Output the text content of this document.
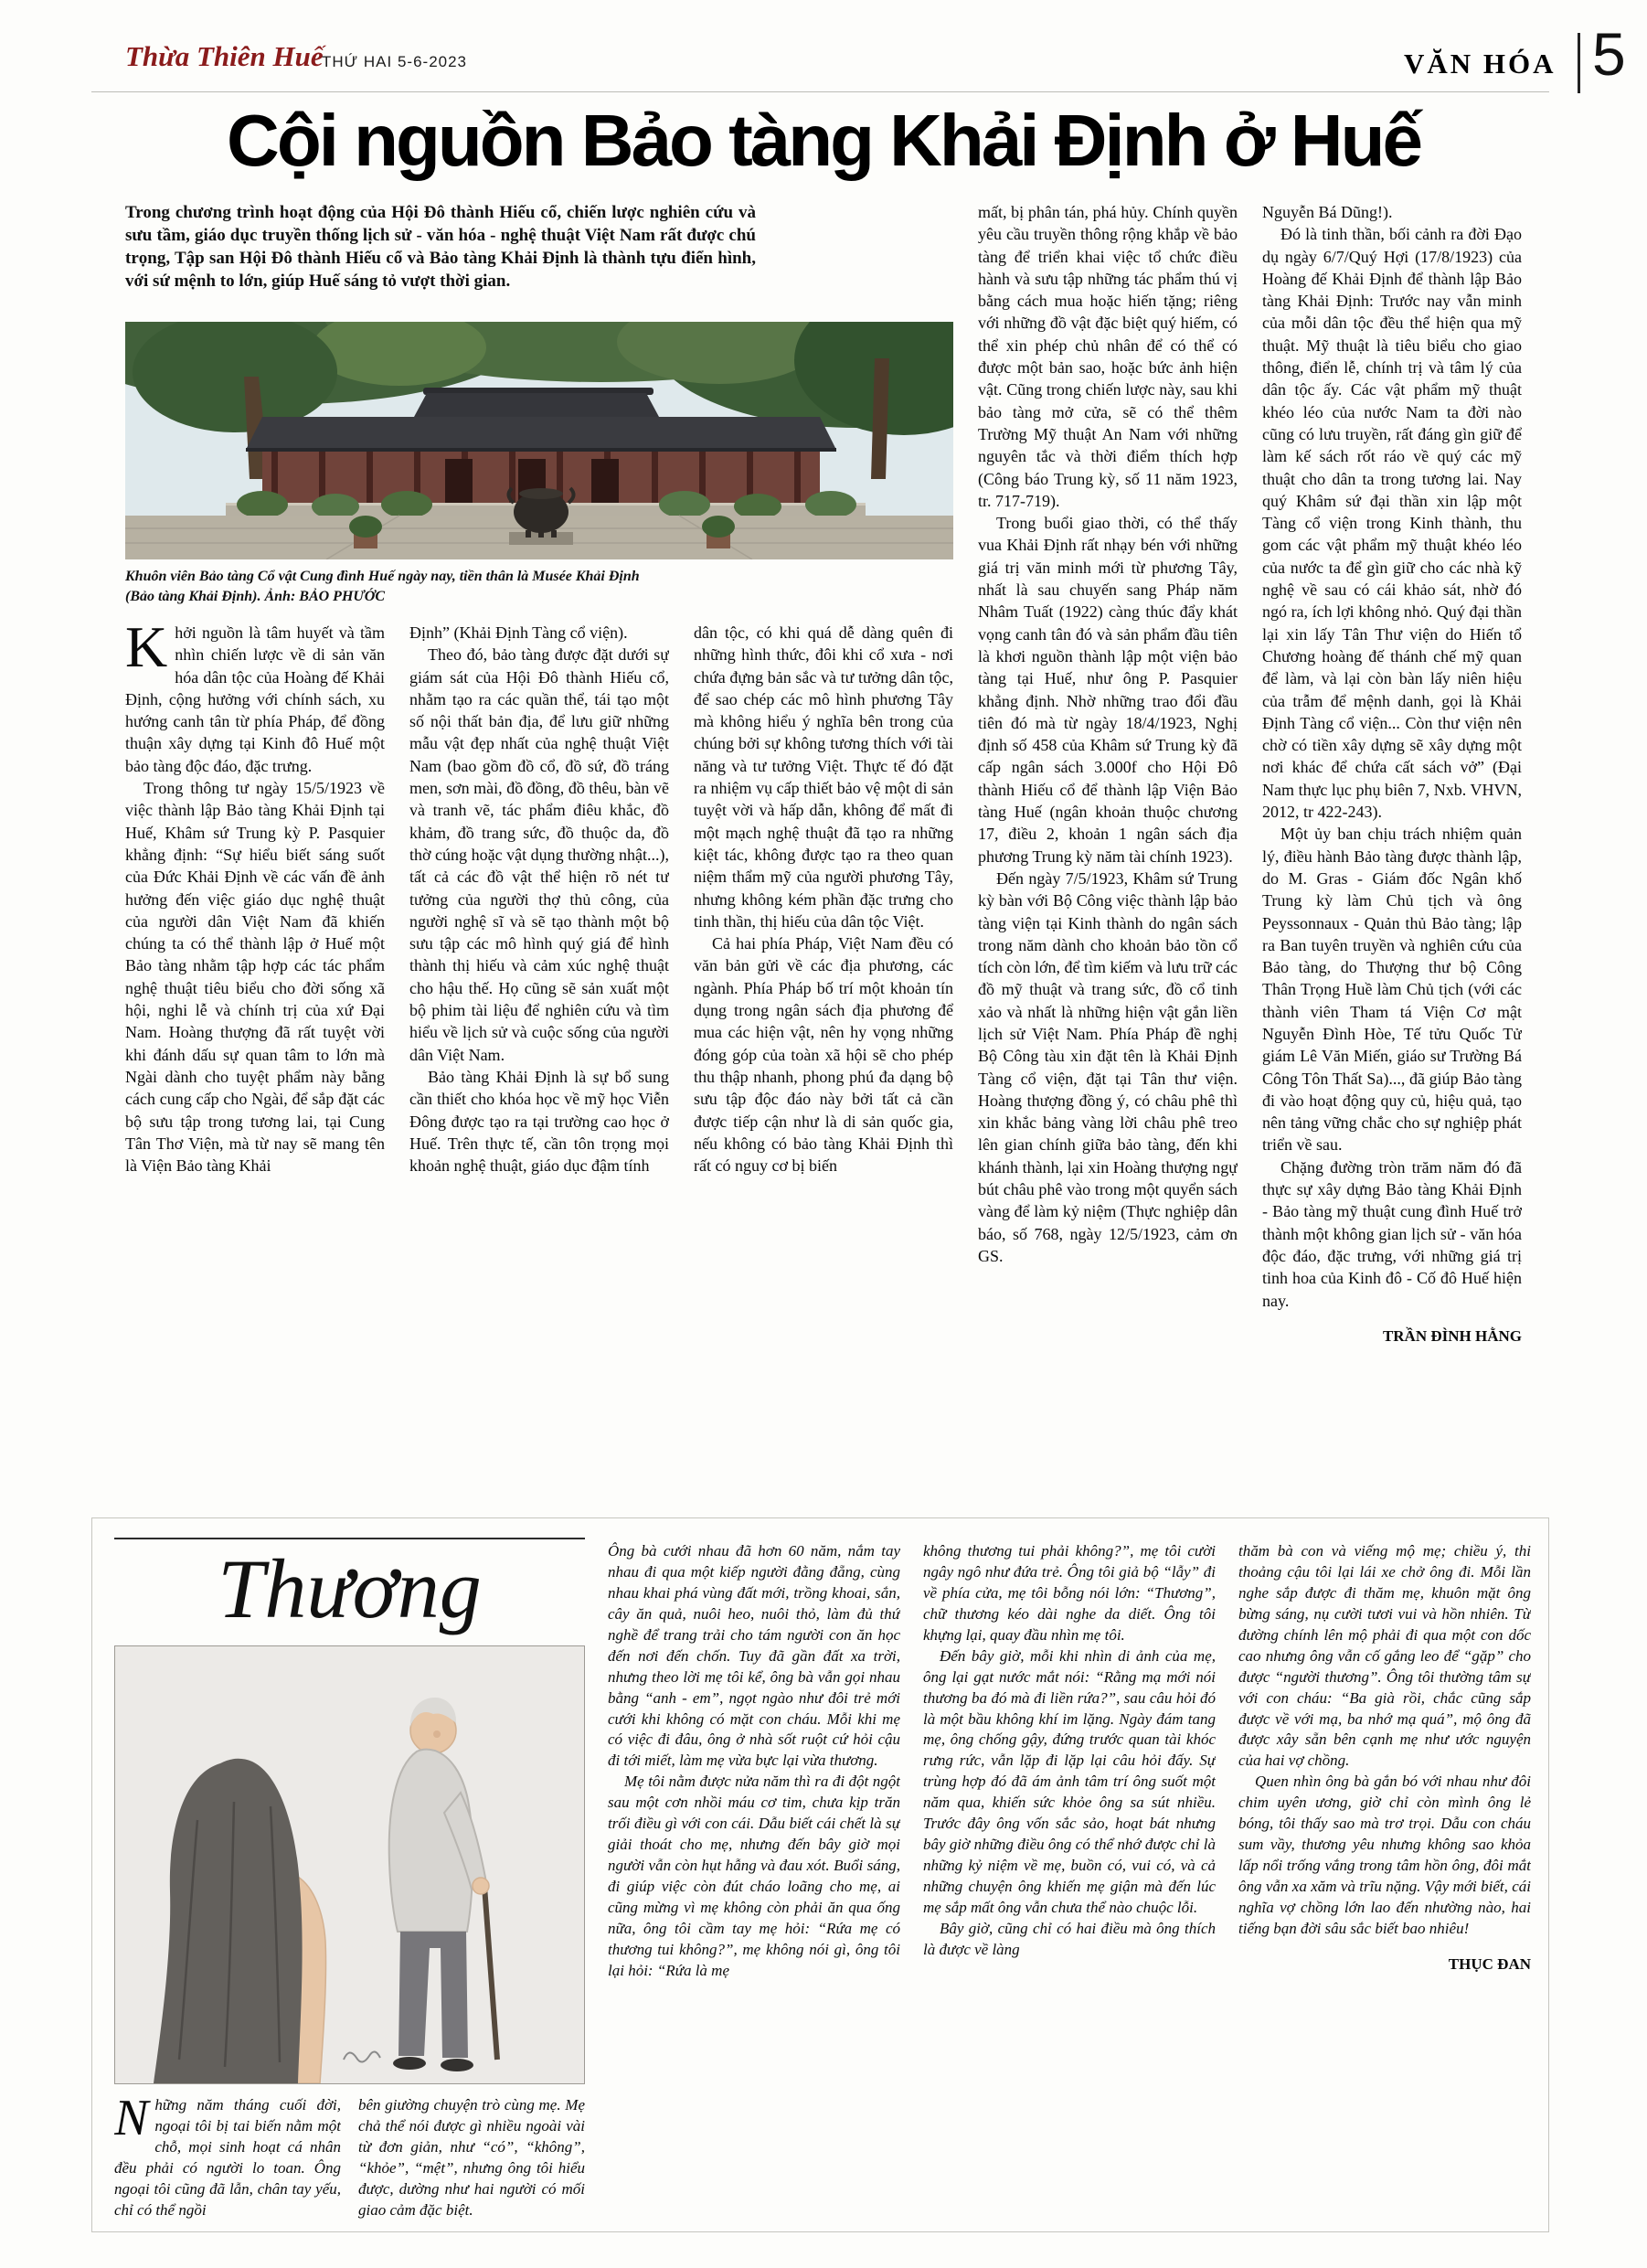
Thừa Thiên Huế
THỨ HAI 5-6-2023	VĂN HÓA 5
Cội nguồn Bảo tàng Khải Định ở Huế
Trong chương trình hoạt động của Hội Đô thành Hiếu cổ, chiến lược nghiên cứu và sưu tầm, giáo dục truyền thống lịch sử - văn hóa - nghệ thuật Việt Nam rất được chú trọng, Tập san Hội Đô thành Hiếu cổ và Bảo tàng Khải Định là thành tựu điển hình, với sứ mệnh to lớn, giúp Huế sáng tỏ vượt thời gian.
Khuôn viên Bảo tàng Cổ vật Cung đình Huế ngày nay, tiền thân là Musée Khải Định
(Bảo tàng Khải Định). Ảnh: BẢO PHƯỚC

Khởi nguồn là tâm huyết và tầm nhìn chiến lược về di sản văn hóa dân tộc của Hoàng đế Khải Định, cộng hưởng với chính sách, xu hướng canh tân từ phía Pháp, để đồng thuận xây dựng tại Kinh đô Huế một bảo tàng độc đáo, đặc trưng.

Trong thông tư ngày 15/5/1923 về việc thành lập Bảo tàng Khải Định tại Huế, Khâm sứ Trung kỳ P. Pasquier khẳng định: “Sự hiểu biết sáng suốt của Đức Khải Định về các vấn đề ảnh hưởng đến việc giáo dục nghệ thuật của người dân Việt Nam đã khiến chúng ta có thể thành lập ở Huế một Bảo tàng nhằm tập hợp các tác phẩm nghệ thuật tiêu biểu cho đời sống xã hội, nghi lễ và chính trị của xứ Đại Nam. Hoàng thượng đã rất tuyệt vời khi đánh dấu sự quan tâm to lớn mà Ngài dành cho tuyệt phẩm này bằng cách cung cấp cho Ngài, để sắp đặt các bộ sưu tập trong tương lai, tại Cung Tân Thơ Viện, mà từ nay sẽ mang tên là Viện Bảo tàng Khải

Định” (Khải Định Tàng cổ viện).

Theo đó, bảo tàng được đặt dưới sự giám sát của Hội Đô thành Hiếu cổ, nhằm tạo ra các quần thể, tái tạo một số nội thất bản địa, để lưu giữ những mẫu vật đẹp nhất của nghệ thuật Việt Nam (bao gồm đồ cổ, đồ sứ, đồ tráng men, sơn mài, đồ đồng, đồ thêu, bàn vẽ và tranh vẽ, tác phẩm điêu khắc, đồ khảm, đồ trang sức, đồ thuộc da, đồ thờ cúng hoặc vật dụng thường nhật...), tất cả các đồ vật thể hiện rõ nét tư tưởng của người thợ thủ công, của người nghệ sĩ và sẽ tạo thành một bộ sưu tập các mô hình quý giá để hình thành thị hiếu và cảm xúc nghệ thuật cho hậu thế. Họ cũng sẽ sản xuất một bộ phim tài liệu để nghiên cứu và tìm hiểu về lịch sử và cuộc sống của người dân Việt Nam.

Bảo tàng Khải Định là sự bổ sung cần thiết cho khóa học về mỹ học Viễn Đông được tạo ra tại trường cao học ở Huế. Trên thực tế, cần tôn trọng mọi khoản nghệ thuật, giáo dục đậm tính

dân tộc, có khi quá dễ dàng quên đi những hình thức, đôi khi cổ xưa - nơi chứa đựng bản sắc và tư tưởng dân tộc, để sao chép các mô hình phương Tây mà không hiểu ý nghĩa bên trong của chúng bởi sự không tương thích với tài năng và tư tưởng Việt. Thực tế đó đặt ra nhiệm vụ cấp thiết bảo vệ một di sản tuyệt vời và hấp dẫn, không để mất đi một mạch nghệ thuật đã tạo ra những kiệt tác, không được tạo ra theo quan niệm thẩm mỹ của người phương Tây, nhưng không kém phần đặc trưng cho tinh thần, thị hiếu của dân tộc Việt.

Cả hai phía Pháp, Việt Nam đều có văn bản gửi về các địa phương, các ngành. Phía Pháp bố trí một khoản tín dụng trong ngân sách địa phương để mua các hiện vật, nên hy vọng những đóng góp của toàn xã hội sẽ cho phép thu thập nhanh, phong phú đa dạng bộ sưu tập độc đáo này bởi tất cả cần được tiếp cận như là di sản quốc gia, nếu không có bảo tàng Khải Định thì rất có nguy cơ bị biến

mất, bị phân tán, phá hủy. Chính quyền yêu cầu truyền thông rộng khắp về bảo tàng để triển khai việc tổ chức điều hành và sưu tập những tác phẩm thú vị bằng cách mua hoặc hiến tặng; riêng với những đồ vật đặc biệt quý hiếm, có thể xin phép chủ nhân để có thể có được một bản sao, hoặc bức ảnh hiện vật. Cũng trong chiến lược này, sau khi bảo tàng mở cửa, sẽ có thể thêm Trường Mỹ thuật An Nam với những nguyên tắc và thời điểm thích hợp (Công báo Trung kỳ, số 11 năm 1923, tr. 717-719).

Trong buổi giao thời, có thể thấy vua Khải Định rất nhạy bén với những giá trị văn minh mới từ phương Tây, nhất là sau chuyến sang Pháp năm Nhâm Tuất (1922) càng thúc đẩy khát vọng canh tân đó và sản phẩm đầu tiên là khơi nguồn thành lập một viện bảo tàng tại Huế, như ông P. Pasquier khẳng định. Nhờ những trao đổi đầu tiên đó mà từ ngày 18/4/1923, Nghị định số 458 của Khâm sứ Trung kỳ đã cấp ngân sách 3.000f cho Hội Đô thành Hiếu cổ để thành lập Viện Bảo tàng Huế (ngân khoản thuộc chương 17, điều 2, khoản 1 ngân sách địa phương Trung kỳ năm tài chính 1923).

Đến ngày 7/5/1923, Khâm sứ Trung kỳ bàn với Bộ Công việc thành lập bảo tàng viện tại Kinh thành do ngân sách trong năm dành cho khoản bảo tồn cổ tích còn lớn, để tìm kiếm và lưu trữ các đồ mỹ thuật và trang sức, đồ cổ tinh xảo và nhất là những hiện vật gắn liền lịch sử Việt Nam. Phía Pháp đề nghị Bộ Công tàu xin đặt tên là Khải Định Tàng cổ viện, đặt tại Tân thư viện. Hoàng thượng đồng ý, có châu phê thì xin khắc bảng vàng lời châu phê treo lên gian chính giữa bảo tàng, đến khi khánh thành, lại xin Hoàng thượng ngự bút châu phê vào trong một quyển sách vàng để làm kỷ niệm (Thực nghiệp dân báo, số 768, ngày 12/5/1923, cảm ơn GS.

Nguyễn Bá Dũng!).

Đó là tinh thần, bối cảnh ra đời Đạo dụ ngày 6/7/Quý Hợi (17/8/1923) của Hoàng đế Khải Định để thành lập Bảo tàng Khải Định: Trước nay vẫn minh của mỗi dân tộc đều thể hiện qua mỹ thuật. Mỹ thuật là tiêu biểu cho giao thông, điển lễ, chính trị và tâm lý của dân tộc ấy. Các vật phẩm mỹ thuật khéo léo của nước Nam ta đời nào cũng có lưu truyền, rất đáng gìn giữ để làm kế sách rốt ráo về quý các mỹ thuật cho dân ta trong tương lai. Nay quý Khâm sứ đại thần xin lập một Tàng cổ viện trong Kinh thành, thu gom các vật phẩm mỹ thuật khéo léo của nước ta để gìn giữ cho các nhà kỹ nghệ về sau có cái khảo sát, nhờ đó ngó ra, ích lợi không nhỏ. Quý đại thần lại xin lấy Tân Thư viện do Hiến tổ Chương hoàng đế thánh chế mỹ quan để làm, và lại còn bàn lấy niên hiệu của trẫm để mệnh danh, gọi là Khải Định Tàng cổ viện... Còn thư viện nên chờ có tiền xây dựng sẽ xây dựng một nơi khác để chứa cất sách vở” (Đại Nam thực lục phụ biên 7, Nxb. VHVN, 2012, tr 422-243).

Một ủy ban chịu trách nhiệm quản lý, điều hành Bảo tàng được thành lập, do M. Gras - Giám đốc Ngân khố Trung kỳ làm Chủ tịch và ông Peyssonnaux - Quản thủ Bảo tàng; lập ra Ban tuyên truyền và nghiên cứu của Bảo tàng, do Thượng thư bộ Công Thân Trọng Huề làm Chủ tịch (với các thành viên Tham tá Viện Cơ mật Nguyễn Đình Hòe, Tế tửu Quốc Tử giám Lê Văn Miến, giáo sư Trường Bá Công Tôn Thất Sa)..., đã giúp Bảo tàng đi vào hoạt động quy củ, hiệu quả, tạo nên tảng vững chắc cho sự nghiệp phát triển về sau.

Chặng đường tròn trăm năm đó đã thực sự xây dựng Bảo tàng Khải Định - Bảo tàng mỹ thuật cung đình Huế trở thành một không gian lịch sử - văn hóa độc đáo, đặc trưng, với những giá trị tinh hoa của Kinh đô - Cố đô Huế hiện nay.

TRẦN ĐÌNH HẰNG

Thương

Những năm tháng cuối đời, ngoại tôi bị tai biến nằm một chỗ, mọi sinh hoạt cá nhân đều phải có người lo toan. Ông ngoại tôi cũng đã lẫn, chân tay yếu, chỉ có thể ngồi

bên giường chuyện trò cùng mẹ. Mẹ chả thể nói được gì nhiều ngoài vài từ đơn giản, như “có”, “không”, “khỏe”, “mệt”, nhưng ông tôi hiểu được, dường như hai người có mối giao cảm đặc biệt.

Ông bà cưới nhau đã hơn 60 năm, nắm tay nhau đi qua một kiếp người đằng đẵng, cùng nhau khai phá vùng đất mới, trồng khoai, sắn, cây ăn quả, nuôi heo, nuôi thỏ, làm đủ thứ nghề để trang trải cho tám người con ăn học đến nơi đến chốn. Tuy đã gần đất xa trời, nhưng theo lời mẹ tôi kể, ông bà vẫn gọi nhau bằng “anh - em”, ngọt ngào như đôi trẻ mới cưới khi không có mặt con cháu. Mỗi khi mẹ có việc đi đâu, ông ở nhà sốt ruột cứ hỏi cậu đi tới miết, làm mẹ vừa bực lại vừa thương.

Mẹ tôi nằm được nửa năm thì ra đi đột ngột sau một cơn nhồi máu cơ tim, chưa kịp trăn trối điều gì với con cái. Dẫu biết cái chết là sự giải thoát cho mẹ, nhưng đến bây giờ mọi người vẫn còn hụt hẫng và đau xót. Buổi sáng, đi giúp việc còn đút cháo loãng cho mẹ, ai cũng mừng vì mẹ không còn phải ăn qua ống nữa, ông tôi cầm tay mẹ hỏi: “Rứa mẹ có thương tui không?”, mẹ không nói gì, ông tôi lại hỏi: “Rứa là mẹ

không thương tui phải không?”, mẹ tôi cười ngây ngô như đứa trẻ. Ông tôi giả bộ “lẫy” đi về phía cửa, mẹ tôi bỗng nói lớn: “Thương”, chữ thương kéo dài nghe da diết. Ông tôi khựng lại, quay đầu nhìn mẹ tôi.

Đến bây giờ, mỗi khi nhìn di ảnh của mẹ, ông lại gạt nước mắt nói: “Rằng mạ mới nói thương ba đó mà đi liền rứa?”, sau câu hỏi đó là một bầu không khí im lặng. Ngày đám tang mẹ, ông chống gậy, đứng trước quan tài khóc rưng rức, vẫn lặp đi lặp lại câu hỏi đấy. Sự trùng hợp đó đã ám ảnh tâm trí ông suốt một năm qua, khiến sức khỏe ông sa sút nhiều. Trước đây ông vốn sắc sảo, hoạt bát nhưng bây giờ những điều ông có thể nhớ được chỉ là những kỷ niệm về mẹ, buồn có, vui có, và cả những chuyện ông khiến mẹ giận mà đến lúc mẹ sắp mất ông vẫn chưa thể nào chuộc lỗi.

Bây giờ, cũng chỉ có hai điều mà ông thích là được về làng

thăm bà con và viếng mộ mẹ; chiều ý, thi thoảng cậu tôi lại lái xe chở ông đi. Mỗi lần nghe sắp được đi thăm mẹ, khuôn mặt ông bừng sáng, nụ cười tươi vui và hồn nhiên. Từ đường chính lên mộ phải đi qua một con dốc cao nhưng ông vẫn cố gắng leo để “gặp” cho được “người thương”. Ông tôi thường tâm sự với con cháu: “Ba già rồi, chắc cũng sắp được về với mạ, ba nhớ mạ quá”, mộ ông đã được xây sẵn bên cạnh mẹ như ước nguyện của hai vợ chồng.

Quen nhìn ông bà gắn bó với nhau như đôi chim uyên ương, giờ chỉ còn mình ông lẻ bóng, tôi thấy sao mà trơ trọi. Dẫu con cháu sum vầy, thương yêu nhưng không sao khỏa lấp nổi trống vắng trong tâm hồn ông, đôi mắt ông vẫn xa xăm và trĩu nặng. Vậy mới biết, cái nghĩa vợ chồng lớn lao đến nhường nào, hai tiếng bạn đời sâu sắc biết bao nhiêu!

THỤC ĐAN
